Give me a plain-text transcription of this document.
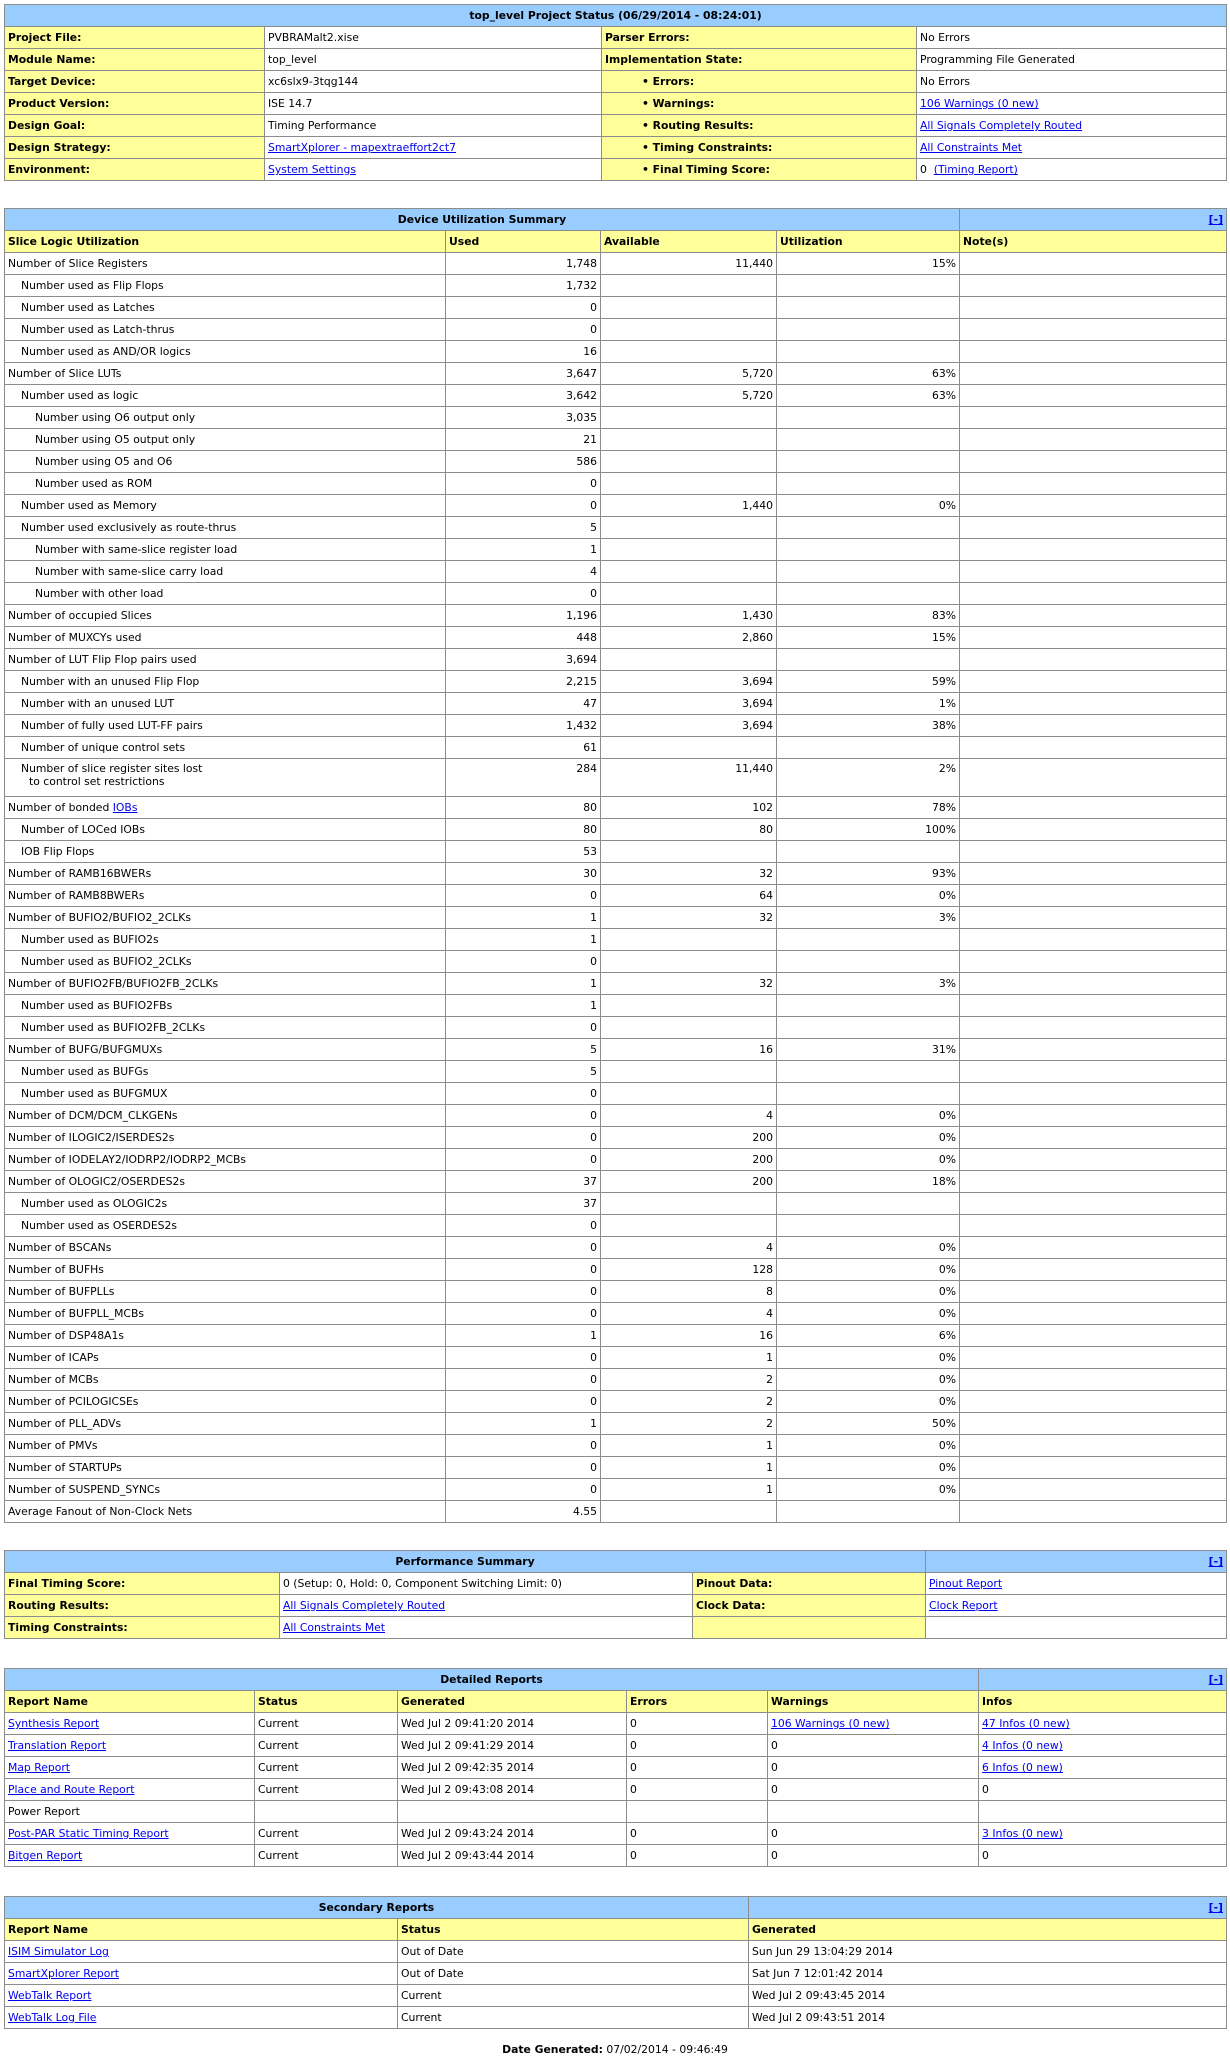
top_level Project Status (06/29/2014 - 08:24:01)			
Project File:	PVBRAMalt2.xise	Parser Errors:	No Errors
Module Name:	top_level	Implementation State:	Programming File Generated
Target Device:	xc6slx9-3tqg144	• Errors:	No Errors
Product Version:	ISE 14.7	• Warnings:	106 Warnings (0 new)
Design Goal:	Timing Performance	• Routing Results:	All Signals Completely Routed
Design Strategy:	SmartXplorer - mapextraeffort2ct7	• Timing Constraints:	All Constraints Met
Environment:	System Settings	• Final Timing Score:	0 (Timing Report)
Device Utilization Summary				[-]
Slice Logic Utilization	Used	Available	Utilization	Note(s)
Number of Slice Registers	1,748	11,440	15%	
Number used as Flip Flops	1,732			
Number used as Latches	0			
Number used as Latch-thrus	0			
Number used as AND/OR logics	16			
Number of Slice LUTs	3,647	5,720	63%	
Number used as logic	3,642	5,720	63%	
Number using O6 output only	3,035			
Number using O5 output only	21			
Number using O5 and O6	586			
Number used as ROM	0			
Number used as Memory	0	1,440	0%	
Number used exclusively as route-thrus	5			
Number with same-slice register load	1			
Number with same-slice carry load	4			
Number with other load	0			
Number of occupied Slices	1,196	1,430	83%	
Number of MUXCYs used	448	2,860	15%	
Number of LUT Flip Flop pairs used	3,694			
Number with an unused Flip Flop	2,215	3,694	59%	
Number with an unused LUT	47	3,694	1%	
Number of fully used LUT-FF pairs	1,432	3,694	38%	
Number of unique control sets	61			
Number of slice register sites lost
to control set restrictions	284	11,440	2%	
Number of bonded IOBs	80	102	78%	
Number of LOCed IOBs	80	80	100%	
IOB Flip Flops	53			
Number of RAMB16BWERs	30	32	93%	
Number of RAMB8BWERs	0	64	0%	
Number of BUFIO2/BUFIO2_2CLKs	1	32	3%	
Number used as BUFIO2s	1			
Number used as BUFIO2_2CLKs	0			
Number of BUFIO2FB/BUFIO2FB_2CLKs	1	32	3%	
Number used as BUFIO2FBs	1			
Number used as BUFIO2FB_2CLKs	0			
Number of BUFG/BUFGMUXs	5	16	31%	
Number used as BUFGs	5			
Number used as BUFGMUX	0			
Number of DCM/DCM_CLKGENs	0	4	0%	
Number of ILOGIC2/ISERDES2s	0	200	0%	
Number of IODELAY2/IODRP2/IODRP2_MCBs	0	200	0%	
Number of OLOGIC2/OSERDES2s	37	200	18%	
Number used as OLOGIC2s	37			
Number used as OSERDES2s	0			
Number of BSCANs	0	4	0%	
Number of BUFHs	0	128	0%	
Number of BUFPLLs	0	8	0%	
Number of BUFPLL_MCBs	0	4	0%	
Number of DSP48A1s	1	16	6%	
Number of ICAPs	0	1	0%	
Number of MCBs	0	2	0%	
Number of PCILOGICSEs	0	2	0%	
Number of PLL_ADVs	1	2	50%	
Number of PMVs	0	1	0%	
Number of STARTUPs	0	1	0%	
Number of SUSPEND_SYNCs	0	1	0%	
Average Fanout of Non-Clock Nets	4.55			
Performance Summary			[-]
Final Timing Score:	0 (Setup: 0, Hold: 0, Component Switching Limit: 0)	Pinout Data:	Pinout Report
Routing Results:	All Signals Completely Routed	Clock Data:	Clock Report
Timing Constraints:	All Constraints Met		
Detailed Reports					[-]
Report Name	Status	Generated	Errors	Warnings	Infos
Synthesis Report	Current	Wed Jul 2 09:41:20 2014	0	106 Warnings (0 new)	47 Infos (0 new)
Translation Report	Current	Wed Jul 2 09:41:29 2014	0	0	4 Infos (0 new)
Map Report	Current	Wed Jul 2 09:42:35 2014	0	0	6 Infos (0 new)
Place and Route Report	Current	Wed Jul 2 09:43:08 2014	0	0	0
Power Report					
Post-PAR Static Timing Report	Current	Wed Jul 2 09:43:24 2014	0	0	3 Infos (0 new)
Bitgen Report	Current	Wed Jul 2 09:43:44 2014	0	0	0
Secondary Reports		[-]
Report Name	Status	Generated
ISIM Simulator Log	Out of Date	Sun Jun 29 13:04:29 2014
SmartXplorer Report	Out of Date	Sat Jun 7 12:01:42 2014
WebTalk Report	Current	Wed Jul 2 09:43:45 2014
WebTalk Log File	Current	Wed Jul 2 09:43:51 2014
Date Generated: 07/02/2014 - 09:46:49
